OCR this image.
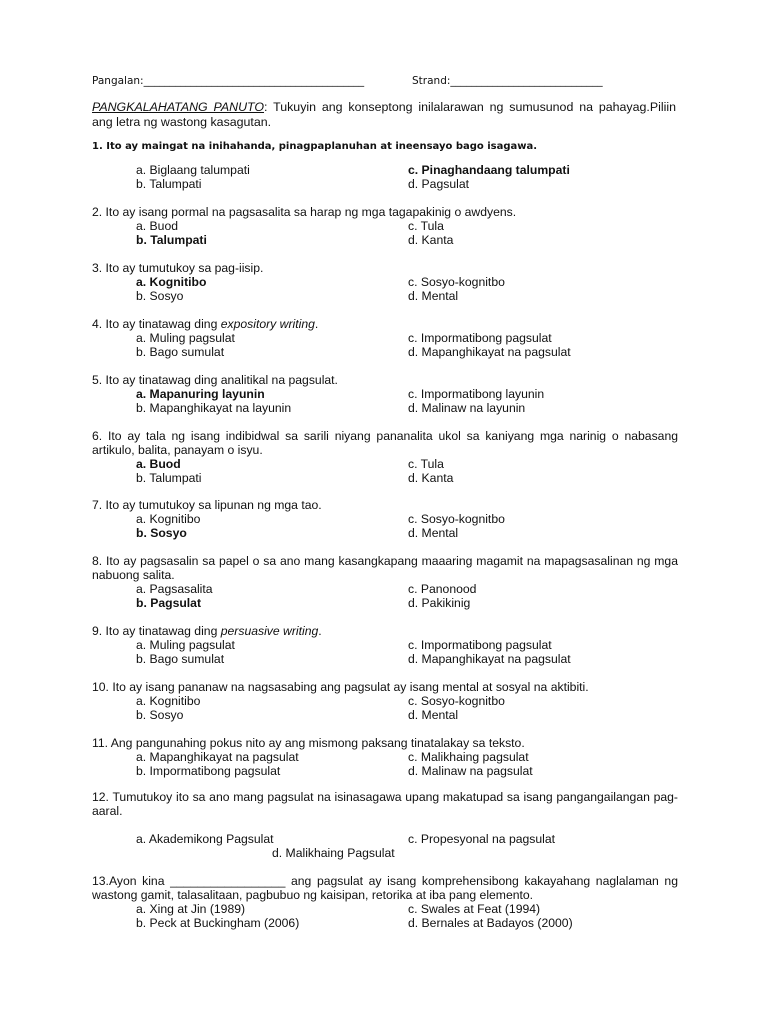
Pangalan:__________________________________________	Strand:_____________________________
PANGKALAHATANG PANUTO: Tukuyin ang konseptong inilalarawan ng sumusunod na pahayag.Piliin ang letra ng wastong kasagutan.
1. Ito ay maingat na inihahanda, pinagpaplanuhan at ineensayo bago isagawa.
a. Biglaang talumpati	c. Pinaghandaang talumpati
b. Talumpati	d. Pagsulat
2. Ito ay isang pormal na pagsasalita sa harap ng mga tagapakinig o awdyens.
a. Buod	c. Tula
b. Talumpati	d. Kanta
3. Ito ay tumutukoy sa pag-iisip.
a. Kognitibo	c. Sosyo-kognitbo
b. Sosyo	d. Mental
4. Ito ay tinatawag ding expository writing.
a. Muling pagsulat	c. Impormatibong pagsulat
b. Bago sumulat	d. Mapanghikayat na pagsulat
5. Ito ay tinatawag ding analitikal na pagsulat.
a. Mapanuring layunin	c. Impormatibong layunin
b. Mapanghikayat na layunin	d. Malinaw na layunin
6. Ito ay tala ng isang indibidwal sa sarili niyang pananalita ukol sa kaniyang mga narinig o nabasang artikulo, balita, panayam o isyu.
a. Buod	c. Tula
b. Talumpati	d. Kanta
7. Ito ay tumutukoy sa lipunan ng mga tao.
a. Kognitibo	c. Sosyo-kognitbo
b. Sosyo	d. Mental
8. Ito ay pagsasalin sa papel o sa ano mang kasangkapang maaaring magamit na mapagsasalinan ng mga nabuong salita.
a. Pagsasalita	c. Panonood
b. Pagsulat	d. Pakikinig
9. Ito ay tinatawag ding persuasive writing.
a. Muling pagsulat	c. Impormatibong pagsulat
b. Bago sumulat	d. Mapanghikayat na pagsulat
10. Ito ay isang pananaw na nagsasabing ang pagsulat ay isang mental at sosyal na aktibiti.
a. Kognitibo	c. Sosyo-kognitbo
b. Sosyo	d. Mental
11. Ang pangunahing pokus nito ay ang mismong paksang tinatalakay sa teksto.
a. Mapanghikayat na pagsulat	c. Malikhaing pagsulat
b. Impormatibong pagsulat	d. Malinaw na pagsulat
12. Tumutukoy ito sa ano mang pagsulat na isinasagawa upang makatupad sa isang pangangailangan pag-aaral.
a. Akademikong Pagsulat	c. Propesyonal na pagsulat
d. Malikhaing Pagsulat
13.Ayon kina _________________ ang pagsulat ay isang komprehensibong kakayahang naglalaman ng wastong gamit, talasalitaan, pagbubuo ng kaisipan, retorika at iba pang elemento.
a. Xing at Jin (1989)	c. Swales at Feat (1994)
b. Peck at Buckingham (2006)	d. Bernales at Badayos (2000)
